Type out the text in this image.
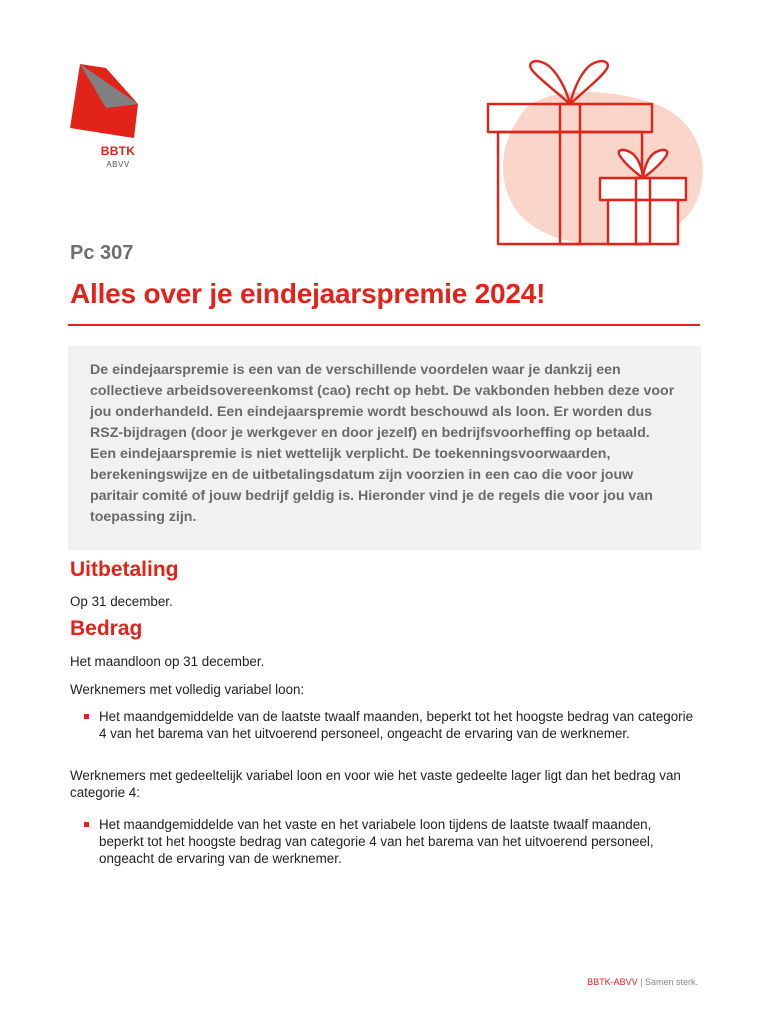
BBTK
ABVV
Pc 307
Alles over je eindejaarspremie 2024!

De eindejaarspremie is een van de verschillende voordelen waar je dankzij een collectieve arbeidsovereenkomst (cao) recht op hebt. De vakbonden hebben deze voor jou onderhandeld. Een eindejaarspremie wordt beschouwd als loon. Er worden dus RSZ-bijdragen (door je werkgever en door jezelf) en bedrijfsvoorheffing op betaald. Een eindejaarspremie is niet wettelijk verplicht. De toekenningsvoorwaarden, berekeningswijze en de uitbetalingsdatum zijn voorzien in een cao die voor jouw paritair comité of jouw bedrijf geldig is. Hieronder vind je de regels die voor jou van toepassing zijn.

Uitbetaling

Op 31 december.

Bedrag

Het maandloon op 31 december.

Werknemers met volledig variabel loon:

Het maandgemiddelde van de laatste twaalf maanden, beperkt tot het hoogste bedrag van categorie 4 van het barema van het uitvoerend personeel, ongeacht de ervaring van de werknemer.

Werknemers met gedeeltelijk variabel loon en voor wie het vaste gedeelte lager ligt dan het bedrag van categorie 4:

Het maandgemiddelde van het vaste en het variabele loon tijdens de laatste twaalf maanden, beperkt tot het hoogste bedrag van categorie 4 van het barema van het uitvoerend personeel, ongeacht de ervaring van de werknemer.
BBTK-ABVV | Samen sterk.
